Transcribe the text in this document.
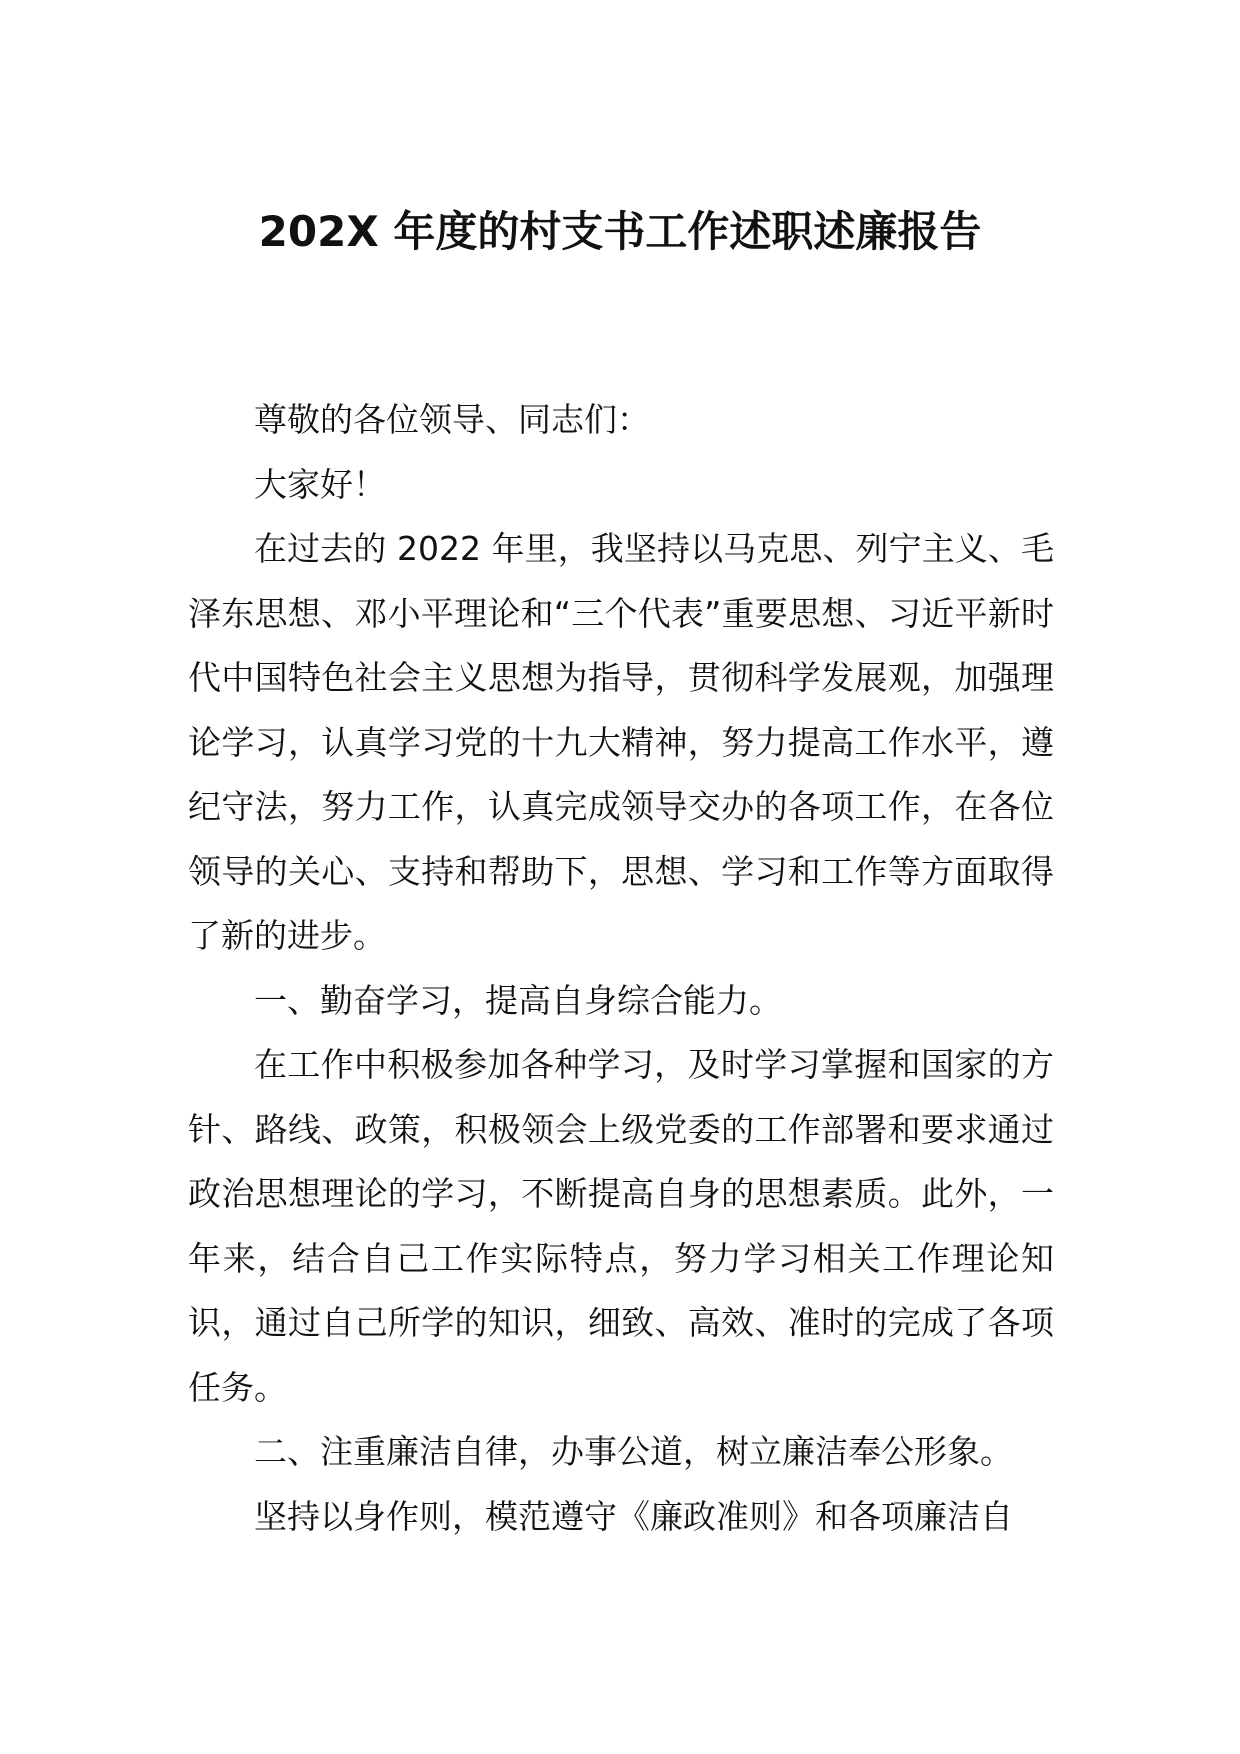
202X 年度的村支书工作述职述廉报告

尊敬的各位领导、同志们：

大家好！

在过去的 2022 年里，我坚持以马克思、列宁主义、毛泽东思想、邓小平理论和“三个代表”重要思想、习近平新时代中国特色社会主义思想为指导，贯彻科学发展观，加强理论学习，认真学习党的十九大精神，努力提高工作水平，遵纪守法，努力工作，认真完成领导交办的各项工作，在各位领导的关心、支持和帮助下，思想、学习和工作等方面取得了新的进步。

一、勤奋学习，提高自身综合能力。

在工作中积极参加各种学习，及时学习掌握和国家的方针、路线、政策，积极领会上级党委的工作部署和要求通过政治思想理论的学习，不断提高自身的思想素质。此外，一年来，结合自己工作实际特点，努力学习相关工作理论知识，通过自己所学的知识，细致、高效、准时的完成了各项任务。

二、注重廉洁自律，办事公道，树立廉洁奉公形象。

坚持以身作则，模范遵守《廉政准则》和各项廉洁自
